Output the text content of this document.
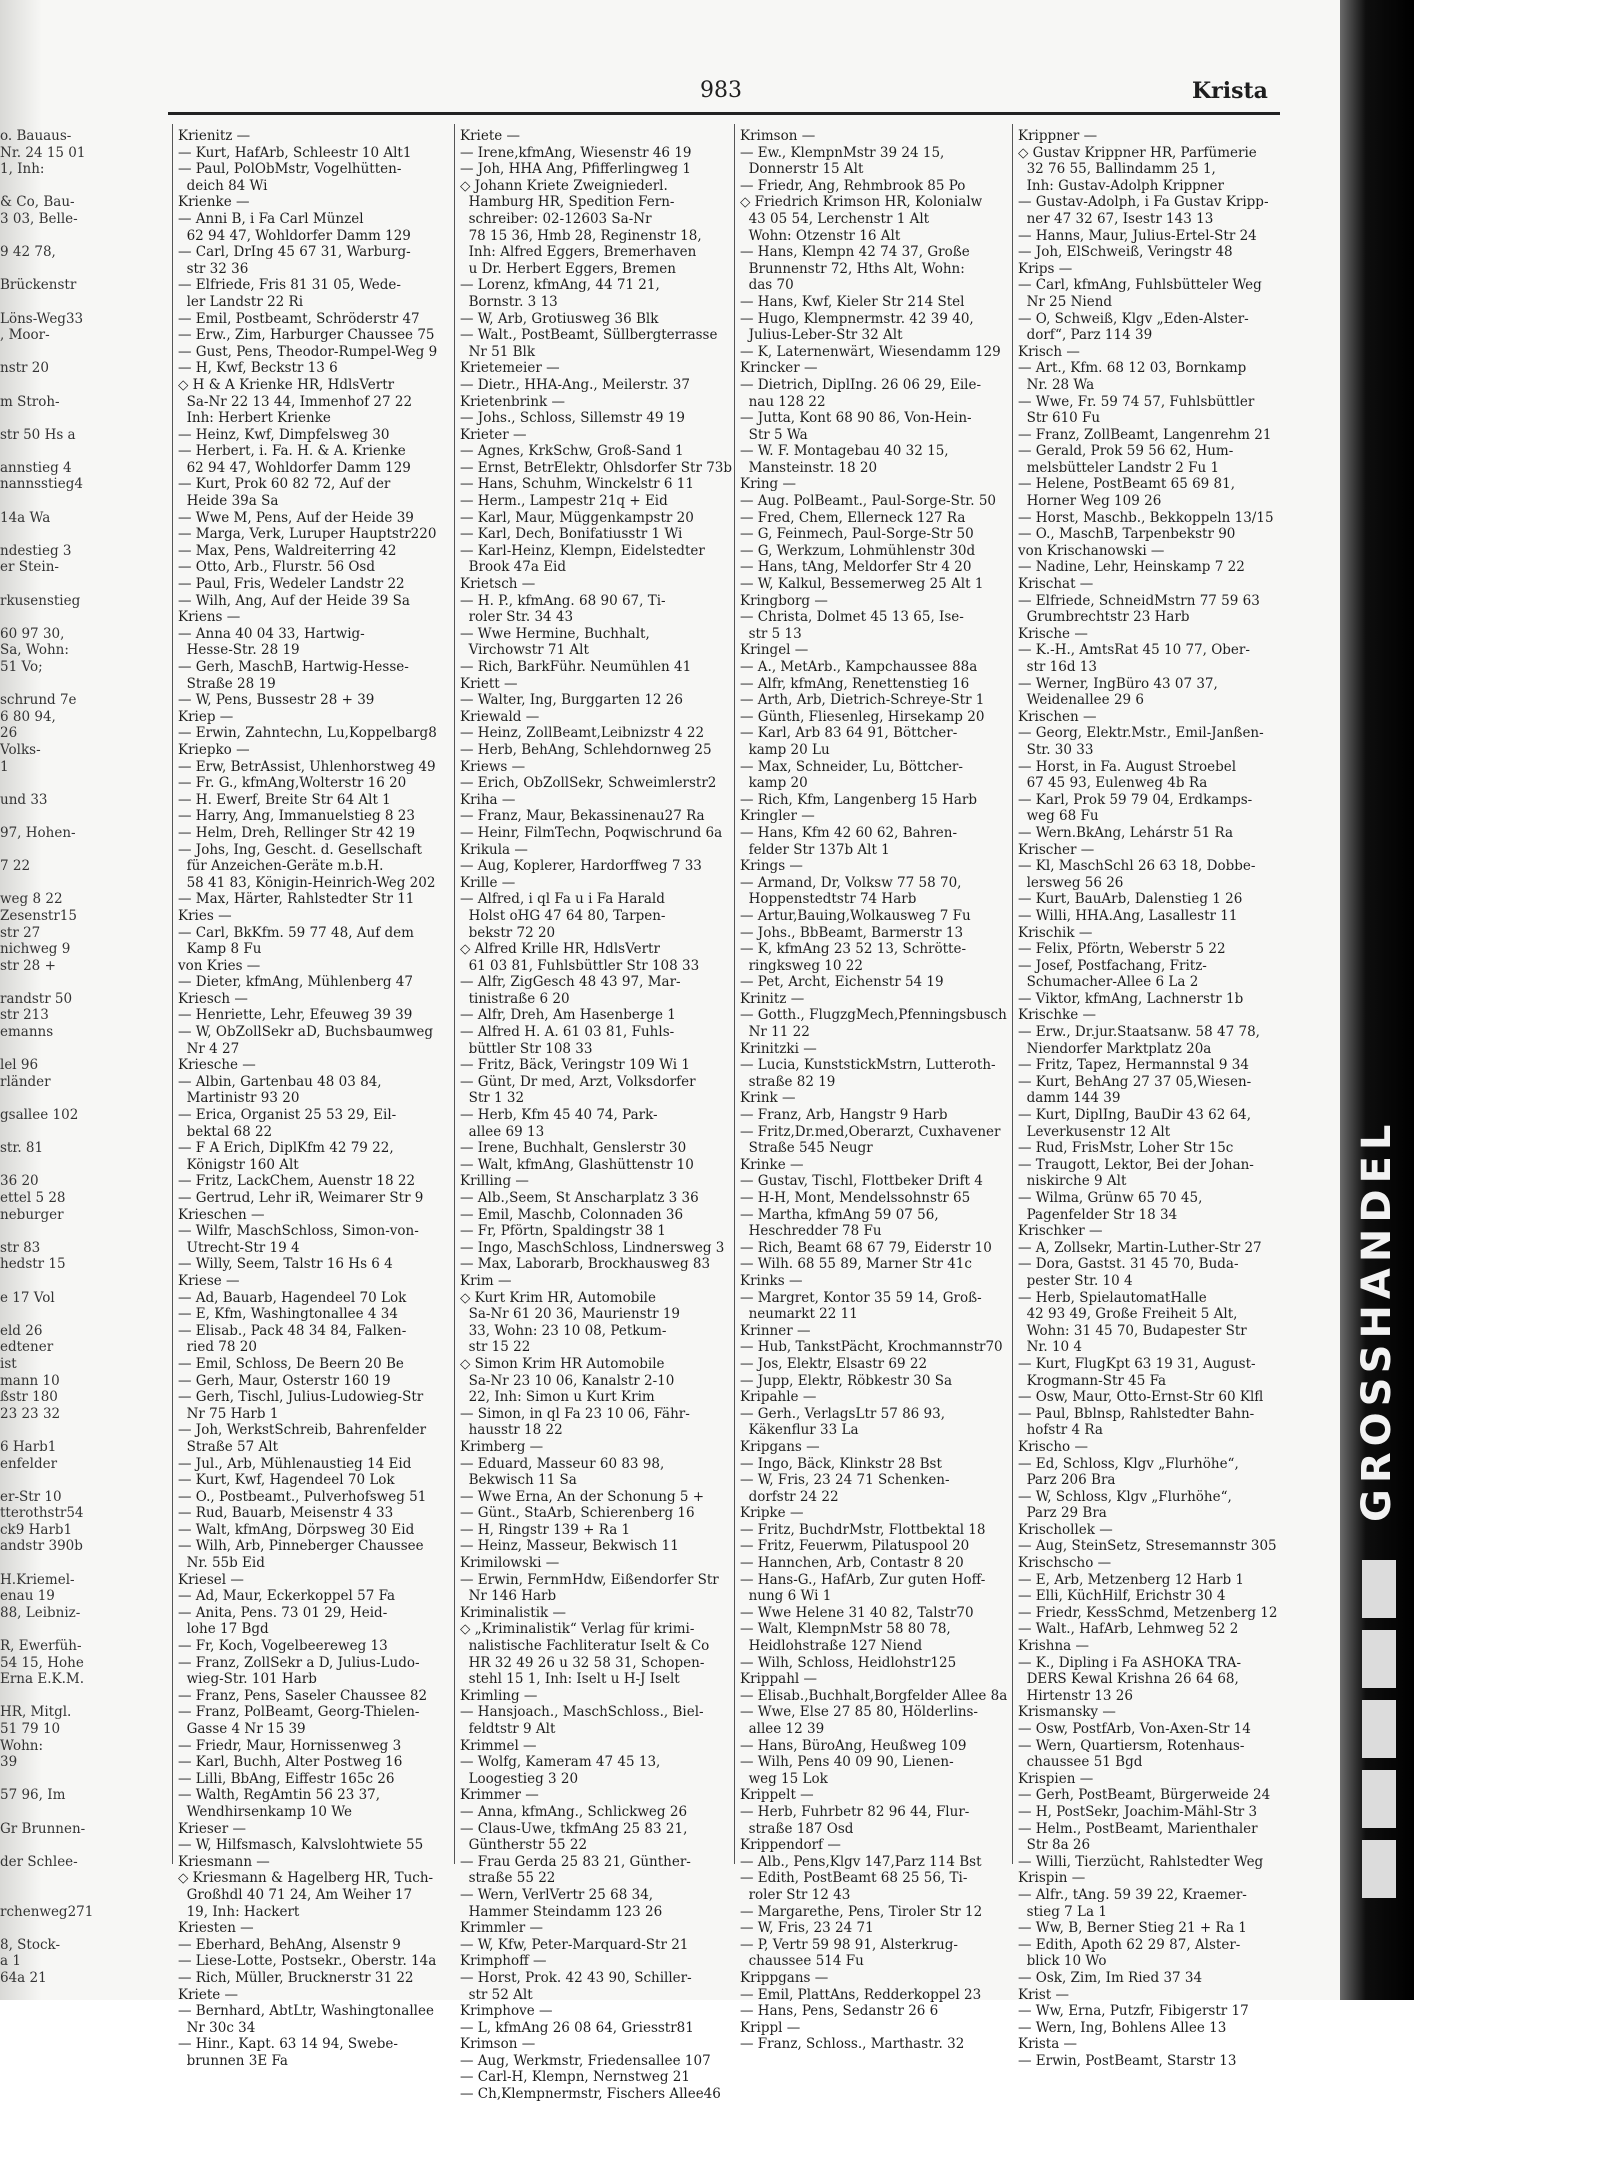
983	Krista
o. Bauaus-
Nr. 24 15 01
1, Inh:
& Co, Bau-
3 03, Belle-
9 42 78,
Brückenstr
Löns-Weg33
, Moor-
nstr 20
m Stroh-
str 50 Hs a
annstieg 4
nannsstieg4
14a Wa
ndestieg 3
er Stein-
rkusenstieg
60 97 30,
Sa, Wohn:
51 Vo;
schrund 7e
6 80 94,
26
Volks-
1
und 33
97, Hohen-
7 22
weg 8 22
Zesenstr15
str 27
nichweg 9
str 28 +
randstr 50
str 213
emanns
lel 96
rländer
gsallee 102
str. 81
36 20
ettel 5 28
neburger
str 83
hedstr 15
e 17 Vol
eld 26
edtener
ist
mann 10
ßstr 180
23 23 32
6 Harb1
enfelder
er-Str 10
tterothstr54
ck9 Harb1
andstr 390b
H.Kriemel-
enau 19
88, Leibniz-
R, Ewerfüh-
54 15, Hohe
Erna E.K.M.
HR, Mitgl.
51 79 10
Wohn:
39
57 96, Im
Gr Brunnen-
der Schlee-
rchenweg271
8, Stock-
a 1
64a 21
Krienitz —
— Kurt, HafArb, Schleestr 10 Alt1
— Paul, PolObMstr, Vogelhütten-
deich 84 Wi
Krienke —
— Anni B, i Fa Carl Münzel
62 94 47, Wohldorfer Damm 129
— Carl, DrIng 45 67 31, Warburg-
str 32 36
— Elfriede, Fris 81 31 05, Wede-
ler Landstr 22 Ri
— Emil, Postbeamt, Schröderstr 47
— Erw., Zim, Harburger Chaussee 75
— Gust, Pens, Theodor-Rumpel-Weg 9
— H, Kwf, Beckstr 13 6
◇ H & A Krienke HR, HdlsVertr
Sa-Nr 22 13 44, Immenhof 27 22
Inh: Herbert Krienke
— Heinz, Kwf, Dimpfelsweg 30
— Herbert, i. Fa. H. & A. Krienke
62 94 47, Wohldorfer Damm 129
— Kurt, Prok 60 82 72, Auf der
Heide 39a Sa
— Wwe M, Pens, Auf der Heide 39
— Marga, Verk, Luruper Hauptstr220
— Max, Pens, Waldreiterring 42
— Otto, Arb., Flurstr. 56 Osd
— Paul, Fris, Wedeler Landstr 22
— Wilh, Ang, Auf der Heide 39 Sa
Kriens —
— Anna 40 04 33, Hartwig-
Hesse-Str. 28 19
— Gerh, MaschB, Hartwig-Hesse-
Straße 28 19
— W, Pens, Bussestr 28 + 39
Kriep —
— Erwin, Zahntechn, Lu,Koppelbarg8
Kriepko —
— Erw, BetrAssist, Uhlenhorstweg 49
— Fr. G., kfmAng,Wolterstr 16 20
— H. Ewerf, Breite Str 64 Alt 1
— Harry, Ang, Immanuelstieg 8 23
— Helm, Dreh, Rellinger Str 42 19
— Johs, Ing, Gescht. d. Gesellschaft
für Anzeichen-Geräte m.b.H.
58 41 83, Königin-Heinrich-Weg 202
— Max, Härter, Rahlstedter Str 11
Kries —
— Carl, BkKfm. 59 77 48, Auf dem
Kamp 8 Fu
von Kries —
— Dieter, kfmAng, Mühlenberg 47
Kriesch —
— Henriette, Lehr, Efeuweg 39 39
— W, ObZollSekr aD, Buchsbaumweg
Nr 4 27
Kriesche —
— Albin, Gartenbau 48 03 84,
Martinistr 93 20
— Erica, Organist 25 53 29, Eil-
bektal 68 22
— F A Erich, DiplKfm 42 79 22,
Königstr 160 Alt
— Fritz, LackChem, Auenstr 18 22
— Gertrud, Lehr iR, Weimarer Str 9
Krieschen —
— Wilfr, MaschSchloss, Simon-von-
Utrecht-Str 19 4
— Willy, Seem, Talstr 16 Hs 6 4
Kriese —
— Ad, Bauarb, Hagendeel 70 Lok
— E, Kfm, Washingtonallee 4 34
— Elisab., Pack 48 34 84, Falken-
ried 78 20
— Emil, Schloss, De Beern 20 Be
— Gerh, Maur, Osterstr 160 19
— Gerh, Tischl, Julius-Ludowieg-Str
Nr 75 Harb 1
— Joh, WerkstSchreib, Bahrenfelder
Straße 57 Alt
— Jul., Arb, Mühlenaustieg 14 Eid
— Kurt, Kwf, Hagendeel 70 Lok
— O., Postbeamt., Pulverhofsweg 51
— Rud, Bauarb, Meisenstr 4 33
— Walt, kfmAng, Dörpsweg 30 Eid
— Wilh, Arb, Pinneberger Chaussee
Nr. 55b Eid
Kriesel —
— Ad, Maur, Eckerkoppel 57 Fa
— Anita, Pens. 73 01 29, Heid-
lohe 17 Bgd
— Fr, Koch, Vogelbeereweg 13
— Franz, ZollSekr a D, Julius-Ludo-
wieg-Str. 101 Harb
— Franz, Pens, Saseler Chaussee 82
— Franz, PolBeamt, Georg-Thielen-
Gasse 4 Nr 15 39
— Friedr, Maur, Hornissenweg 3
— Karl, Buchh, Alter Postweg 16
— Lilli, BbAng, Eiffestr 165c 26
— Walth, RegAmtin 56 23 37,
Wendhirsenkamp 10 We
Krieser —
— W, Hilfsmasch, Kalvslohtwiete 55
Kriesmann —
◇ Kriesmann & Hagelberg HR, Tuch-
Großhdl 40 71 24, Am Weiher 17
19, Inh: Hackert
Kriesten —
— Eberhard, BehAng, Alsenstr 9
— Liese-Lotte, Postsekr., Oberstr. 14a
— Rich, Müller, Brucknerstr 31 22
Kriete —
— Bernhard, AbtLtr, Washingtonallee
Nr 30c 34
— Hinr., Kapt. 63 14 94, Swebe-
brunnen 3E Fa
Kriete —
— Irene,kfmAng, Wiesenstr 46 19
— Joh, HHA Ang, Pfifferlingweg 1
◇ Johann Kriete Zweigniederl.
Hamburg HR, Spedition Fern-
schreiber: 02-12603 Sa-Nr
78 15 36, Hmb 28, Reginenstr 18,
Inh: Alfred Eggers, Bremerhaven
u Dr. Herbert Eggers, Bremen
— Lorenz, kfmAng, 44 71 21,
Bornstr. 3 13
— W, Arb, Grotiusweg 36 Blk
— Walt., PostBeamt, Süllbergterrasse
Nr 51 Blk
Krietemeier —
— Dietr., HHA-Ang., Meilerstr. 37
Krietenbrink —
— Johs., Schloss, Sillemstr 49 19
Krieter —
— Agnes, KrkSchw, Groß-Sand 1
— Ernst, BetrElektr, Ohlsdorfer Str 73b
— Hans, Schuhm, Winckelstr 6 11
— Herm., Lampestr 21q + Eid
— Karl, Maur, Müggenkampstr 20
— Karl, Dech, Bonifatiusstr 1 Wi
— Karl-Heinz, Klempn, Eidelstedter
Brook 47a Eid
Krietsch —
— H. P., kfmAng. 68 90 67, Ti-
roler Str. 34 43
— Wwe Hermine, Buchhalt,
Virchowstr 71 Alt
— Rich, BarkFühr. Neumühlen 41
Kriett —
— Walter, Ing, Burggarten 12 26
Kriewald —
— Heinz, ZollBeamt,Leibnizstr 4 22
— Herb, BehAng, Schlehdornweg 25
Kriews —
— Erich, ObZollSekr, Schweimlerstr2
Kriha —
— Franz, Maur, Bekassinenau27 Ra
— Heinr, FilmTechn, Poqwischrund 6a
Krikula —
— Aug, Koplerer, Hardorffweg 7 33
Krille —
— Alfred, i ql Fa u i Fa Harald
Holst oHG 47 64 80, Tarpen-
bekstr 72 20
◇ Alfred Krille HR, HdlsVertr
61 03 81, Fuhlsbüttler Str 108 33
— Alfr, ZigGesch 48 43 97, Mar-
tinistraße 6 20
— Alfr, Dreh, Am Hasenberge 1
— Alfred H. A. 61 03 81, Fuhls-
büttler Str 108 33
— Fritz, Bäck, Veringstr 109 Wi 1
— Günt, Dr med, Arzt, Volksdorfer
Str 1 32
— Herb, Kfm 45 40 74, Park-
allee 69 13
— Irene, Buchhalt, Genslerstr 30
— Walt, kfmAng, Glashüttenstr 10
Krilling —
— Alb.,Seem, St Anscharplatz 3 36
— Emil, Maschb, Colonnaden 36
— Fr, Pförtn, Spaldingstr 38 1
— Ingo, MaschSchloss, Lindnersweg 3
— Max, Laborarb, Brockhausweg 83
Krim —
◇ Kurt Krim HR, Automobile
Sa-Nr 61 20 36, Maurienstr 19
33, Wohn: 23 10 08, Petkum-
str 15 22
◇ Simon Krim HR Automobile
Sa-Nr 23 10 06, Kanalstr 2-10
22, Inh: Simon u Kurt Krim
— Simon, in ql Fa 23 10 06, Fähr-
hausstr 18 22
Krimberg —
— Eduard, Masseur 60 83 98,
Bekwisch 11 Sa
— Wwe Erna, An der Schonung 5 +
— Günt., StaArb, Schierenberg 16
— H, Ringstr 139 + Ra 1
— Heinz, Masseur, Bekwisch 11
Krimilowski —
— Erwin, FernmHdw, Eißendorfer Str
Nr 146 Harb
Kriminalistik —
◇ „Kriminalistik“ Verlag für krimi-
nalistische Fachliteratur Iselt & Co
HR 32 49 26 u 32 58 31, Schopen-
stehl 15 1, Inh: Iselt u H-J Iselt
Krimling —
— Hansjoach., MaschSchloss., Biel-
feldtstr 9 Alt
Krimmel —
— Wolfg, Kameram 47 45 13,
Loogestieg 3 20
Krimmer —
— Anna, kfmAng., Schlickweg 26
— Claus-Uwe, tkfmAng 25 83 21,
Güntherstr 55 22
— Frau Gerda 25 83 21, Günther-
straße 55 22
— Wern, VerlVertr 25 68 34,
Hammer Steindamm 123 26
Krimmler —
— W, Kfw, Peter-Marquard-Str 21
Krimphoff —
— Horst, Prok. 42 43 90, Schiller-
str 52 Alt
Krimphove —
— L, kfmAng 26 08 64, Griesstr81
Krimson —
— Aug, Werkmstr, Friedensallee 107
— Carl-H, Klempn, Nernstweg 21
— Ch,Klempnermstr, Fischers Allee46
Krimson —
— Ew., KlempnMstr 39 24 15,
Donnerstr 15 Alt
— Friedr, Ang, Rehmbrook 85 Po
◇ Friedrich Krimson HR, Kolonialw
43 05 54, Lerchenstr 1 Alt
Wohn: Otzenstr 16 Alt
— Hans, Klempn 42 74 37, Große
Brunnenstr 72, Hths Alt, Wohn:
das 70
— Hans, Kwf, Kieler Str 214 Stel
— Hugo, Klempnermstr. 42 39 40,
Julius-Leber-Str 32 Alt
— K, Laternenwärt, Wiesendamm 129
Krincker —
— Dietrich, DiplIng. 26 06 29, Eile-
nau 128 22
— Jutta, Kont 68 90 86, Von-Hein-
Str 5 Wa
— W. F. Montagebau 40 32 15,
Mansteinstr. 18 20
Kring —
— Aug. PolBeamt., Paul-Sorge-Str. 50
— Fred, Chem, Ellerneck 127 Ra
— G, Feinmech, Paul-Sorge-Str 50
— G, Werkzum, Lohmühlenstr 30d
— Hans, tAng, Meldorfer Str 4 20
— W, Kalkul, Bessemerweg 25 Alt 1
Kringborg —
— Christa, Dolmet 45 13 65, Ise-
str 5 13
Kringel —
— A., MetArb., Kampchaussee 88a
— Alfr, kfmAng, Renettenstieg 16
— Arth, Arb, Dietrich-Schreye-Str 1
— Günth, Fliesenleg, Hirsekamp 20
— Karl, Arb 83 64 91, Böttcher-
kamp 20 Lu
— Max, Schneider, Lu, Böttcher-
kamp 20
— Rich, Kfm, Langenberg 15 Harb
Kringler —
— Hans, Kfm 42 60 62, Bahren-
felder Str 137b Alt 1
Krings —
— Armand, Dr, Volksw 77 58 70,
Hoppenstedtstr 74 Harb
— Artur,Bauing,Wolkausweg 7 Fu
— Johs., BbBeamt, Barmerstr 13
— K, kfmAng 23 52 13, Schrötte-
ringksweg 10 22
— Pet, Archt, Eichenstr 54 19
Krinitz —
— Gotth., FlugzgMech,Pfenningsbusch
Nr 11 22
Krinitzki —
— Lucia, KunststickMstrn, Lutteroth-
straße 82 19
Krink —
— Franz, Arb, Hangstr 9 Harb
— Fritz,Dr.med,Oberarzt, Cuxhavener
Straße 545 Neugr
Krinke —
— Gustav, Tischl, Flottbeker Drift 4
— H-H, Mont, Mendelssohnstr 65
— Martha, kfmAng 59 07 56,
Heschredder 78 Fu
— Rich, Beamt 68 67 79, Eiderstr 10
— Wilh. 68 55 89, Marner Str 41c
Krinks —
— Margret, Kontor 35 59 14, Groß-
neumarkt 22 11
Krinner —
— Hub, TankstPächt, Krochmannstr70
— Jos, Elektr, Elsastr 69 22
— Jupp, Elektr, Röbkestr 30 Sa
Kripahle —
— Gerh., VerlagsLtr 57 86 93,
Käkenflur 33 La
Kripgans —
— Ingo, Bäck, Klinkstr 28 Bst
— W, Fris, 23 24 71 Schenken-
dorfstr 24 22
Kripke —
— Fritz, BuchdrMstr, Flottbektal 18
— Fritz, Feuerwm, Pilatuspool 20
— Hannchen, Arb, Contastr 8 20
— Hans-G., HafArb, Zur guten Hoff-
nung 6 Wi 1
— Wwe Helene 31 40 82, Talstr70
— Walt, KlempnMstr 58 80 78,
Heidlohstraße 127 Niend
— Wilh, Schloss, Heidlohstr125
Krippahl —
— Elisab.,Buchhalt,Borgfelder Allee 8a
— Wwe, Else 27 85 80, Hölderlins-
allee 12 39
— Hans, BüroAng, Heußweg 109
— Wilh, Pens 40 09 90, Lienen-
weg 15 Lok
Krippelt —
— Herb, Fuhrbetr 82 96 44, Flur-
straße 187 Osd
Krippendorf —
— Alb., Pens,Klgv 147,Parz 114 Bst
— Edith, PostBeamt 68 25 56, Ti-
roler Str 12 43
— Margarethe, Pens, Tiroler Str 12
— W, Fris, 23 24 71
— P, Vertr 59 98 91, Alsterkrug-
chaussee 514 Fu
Krippgans —
— Emil, PlattAns, Redderkoppel 23
— Hans, Pens, Sedanstr 26 6
Krippl —
— Franz, Schloss., Marthastr. 32
Krippner —
◇ Gustav Krippner HR, Parfümerie
32 76 55, Ballindamm 25 1,
Inh: Gustav-Adolph Krippner
— Gustav-Adolph, i Fa Gustav Kripp-
ner 47 32 67, Isestr 143 13
— Hanns, Maur, Julius-Ertel-Str 24
— Joh, ElSchweiß, Veringstr 48
Krips —
— Carl, kfmAng, Fuhlsbütteler Weg
Nr 25 Niend
— O, Schweiß, Klgv „Eden-Alster-
dorf“, Parz 114 39
Krisch —
— Art., Kfm. 68 12 03, Bornkamp
Nr. 28 Wa
— Wwe, Fr. 59 74 57, Fuhlsbüttler
Str 610 Fu
— Franz, ZollBeamt, Langenrehm 21
— Gerald, Prok 59 56 62, Hum-
melsbütteler Landstr 2 Fu 1
— Helene, PostBeamt 65 69 81,
Horner Weg 109 26
— Horst, Maschb., Bekkoppeln 13/15
— O., MaschB, Tarpenbekstr 90
von Krischanowski —
— Nadine, Lehr, Heinskamp 7 22
Krischat —
— Elfriede, SchneidMstrn 77 59 63
Grumbrechtstr 23 Harb
Krische —
— K.-H., AmtsRat 45 10 77, Ober-
str 16d 13
— Werner, IngBüro 43 07 37,
Weidenallee 29 6
Krischen —
— Georg, Elektr.Mstr., Emil-Janßen-
Str. 30 33
— Horst, in Fa. August Stroebel
67 45 93, Eulenweg 4b Ra
— Karl, Prok 59 79 04, Erdkamps-
weg 68 Fu
— Wern.BkAng, Lehárstr 51 Ra
Krischer —
— Kl, MaschSchl 26 63 18, Dobbe-
lersweg 56 26
— Kurt, BauArb, Dalenstieg 1 26
— Willi, HHA.Ang, Lasallestr 11
Krischik —
— Felix, Pförtn, Weberstr 5 22
— Josef, Postfachang, Fritz-
Schumacher-Allee 6 La 2
— Viktor, kfmAng, Lachnerstr 1b
Krischke —
— Erw., Dr.jur.Staatsanw. 58 47 78,
Niendorfer Marktplatz 20a
— Fritz, Tapez, Hermannstal 9 34
— Kurt, BehAng 27 37 05,Wiesen-
damm 144 39
— Kurt, DiplIng, BauDir 43 62 64,
Leverkusenstr 12 Alt
— Rud, FrisMstr, Loher Str 15c
— Traugott, Lektor, Bei der Johan-
niskirche 9 Alt
— Wilma, Grünw 65 70 45,
Pagenfelder Str 18 34
Krischker —
— A, Zollsekr, Martin-Luther-Str 27
— Dora, Gastst. 31 45 70, Buda-
pester Str. 10 4
— Herb, SpielautomatHalle
42 93 49, Große Freiheit 5 Alt,
Wohn: 31 45 70, Budapester Str
Nr. 10 4
— Kurt, FlugKpt 63 19 31, August-
Krogmann-Str 45 Fa
— Osw, Maur, Otto-Ernst-Str 60 Klfl
— Paul, Bblnsp, Rahlstedter Bahn-
hofstr 4 Ra
Krischo —
— Ed, Schloss, Klgv „Flurhöhe“,
Parz 206 Bra
— W, Schloss, Klgv „Flurhöhe“,
Parz 29 Bra
Krischollek —
— Aug, SteinSetz, Stresemannstr 305
Krischscho —
— E, Arb, Metzenberg 12 Harb 1
— Elli, KüchHilf, Erichstr 30 4
— Friedr, KessSchmd, Metzenberg 12
— Walt., HafArb, Lehmweg 52 2
Krishna —
— K., Dipling i Fa ASHOKA TRA-
DERS Kewal Krishna 26 64 68,
Hirtenstr 13 26
Krismansky —
— Osw, PostfArb, Von-Axen-Str 14
— Wern, Quartiersm, Rotenhaus-
chaussee 51 Bgd
Krispien —
— Gerh, PostBeamt, Bürgerweide 24
— H, PostSekr, Joachim-Mähl-Str 3
— Helm., PostBeamt, Marienthaler
Str 8a 26
— Willi, Tierzücht, Rahlstedter Weg
Krispin —
— Alfr., tAng. 59 39 22, Kraemer-
stieg 7 La 1
— Ww, B, Berner Stieg 21 + Ra 1
— Edith, Apoth 62 29 87, Alster-
blick 10 Wo
— Osk, Zim, Im Ried 37 34
Krist —
— Ww, Erna, Putzfr, Fibigerstr 17
— Wern, Ing, Bohlens Allee 13
Krista —
— Erwin, PostBeamt, Starstr 13
GROSSHANDEL
